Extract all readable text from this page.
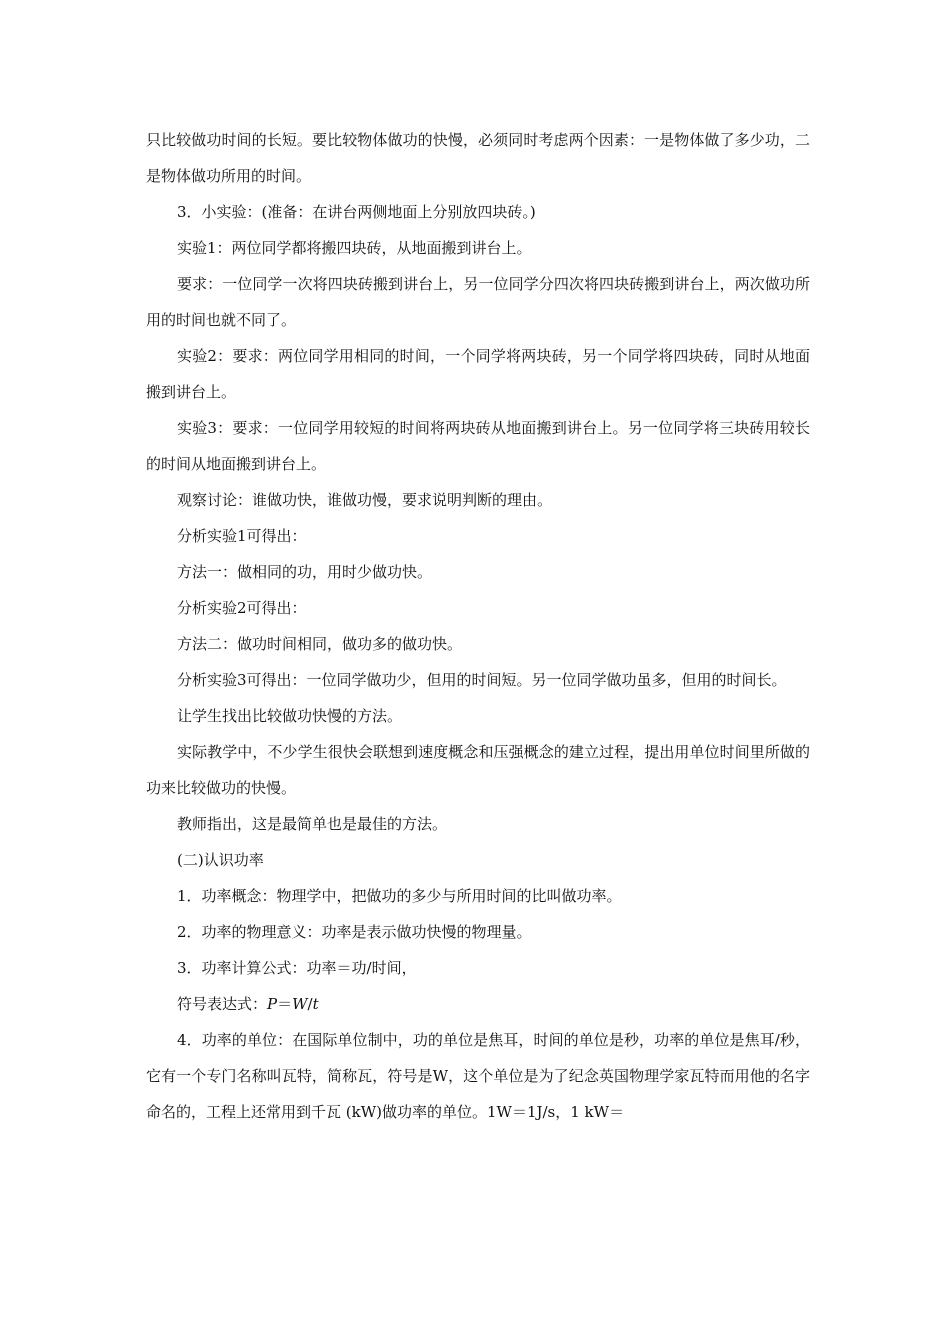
只比较做功时间的长短。要比较物体做功的快慢，必须同时考虑两个因素：一是物体做了多少功，二是物体做功所用的时间。

3．小实验：(准备：在讲台两侧地面上分别放四块砖。)

实验1：两位同学都将搬四块砖，从地面搬到讲台上。

要求：一位同学一次将四块砖搬到讲台上，另一位同学分四次将四块砖搬到讲台上，两次做功所用的时间也就不同了。

实验2：要求：两位同学用相同的时间，一个同学将两块砖，另一个同学将四块砖，同时从地面搬到讲台上。

实验3：要求：一位同学用较短的时间将两块砖从地面搬到讲台上。另一位同学将三块砖用较长的时间从地面搬到讲台上。

观察讨论：谁做功快，谁做功慢，要求说明判断的理由。

分析实验1可得出：

方法一：做相同的功，用时少做功快。

分析实验2可得出：

方法二：做功时间相同，做功多的做功快。

分析实验3可得出：一位同学做功少，但用的时间短。另一位同学做功虽多，但用的时间长。

让学生找出比较做功快慢的方法。

实际教学中，不少学生很快会联想到速度概念和压强概念的建立过程，提出用单位时间里所做的功来比较做功的快慢。

教师指出，这是最简单也是最佳的方法。

(二)认识功率

1．功率概念：物理学中，把做功的多少与所用时间的比叫做功率。

2．功率的物理意义：功率是表示做功快慢的物理量。

3．功率计算公式：功率＝功/时间，

符号表达式：P＝W/t

4．功率的单位：在国际单位制中，功的单位是焦耳，时间的单位是秒，功率的单位是焦耳/秒，它有一个专门名称叫瓦特，简称瓦，符号是W，这个单位是为了纪念英国物理学家瓦特而用他的名字命名的，工程上还常用到千瓦 (kW)做功率的单位。1W＝1J/s，1 kW＝
